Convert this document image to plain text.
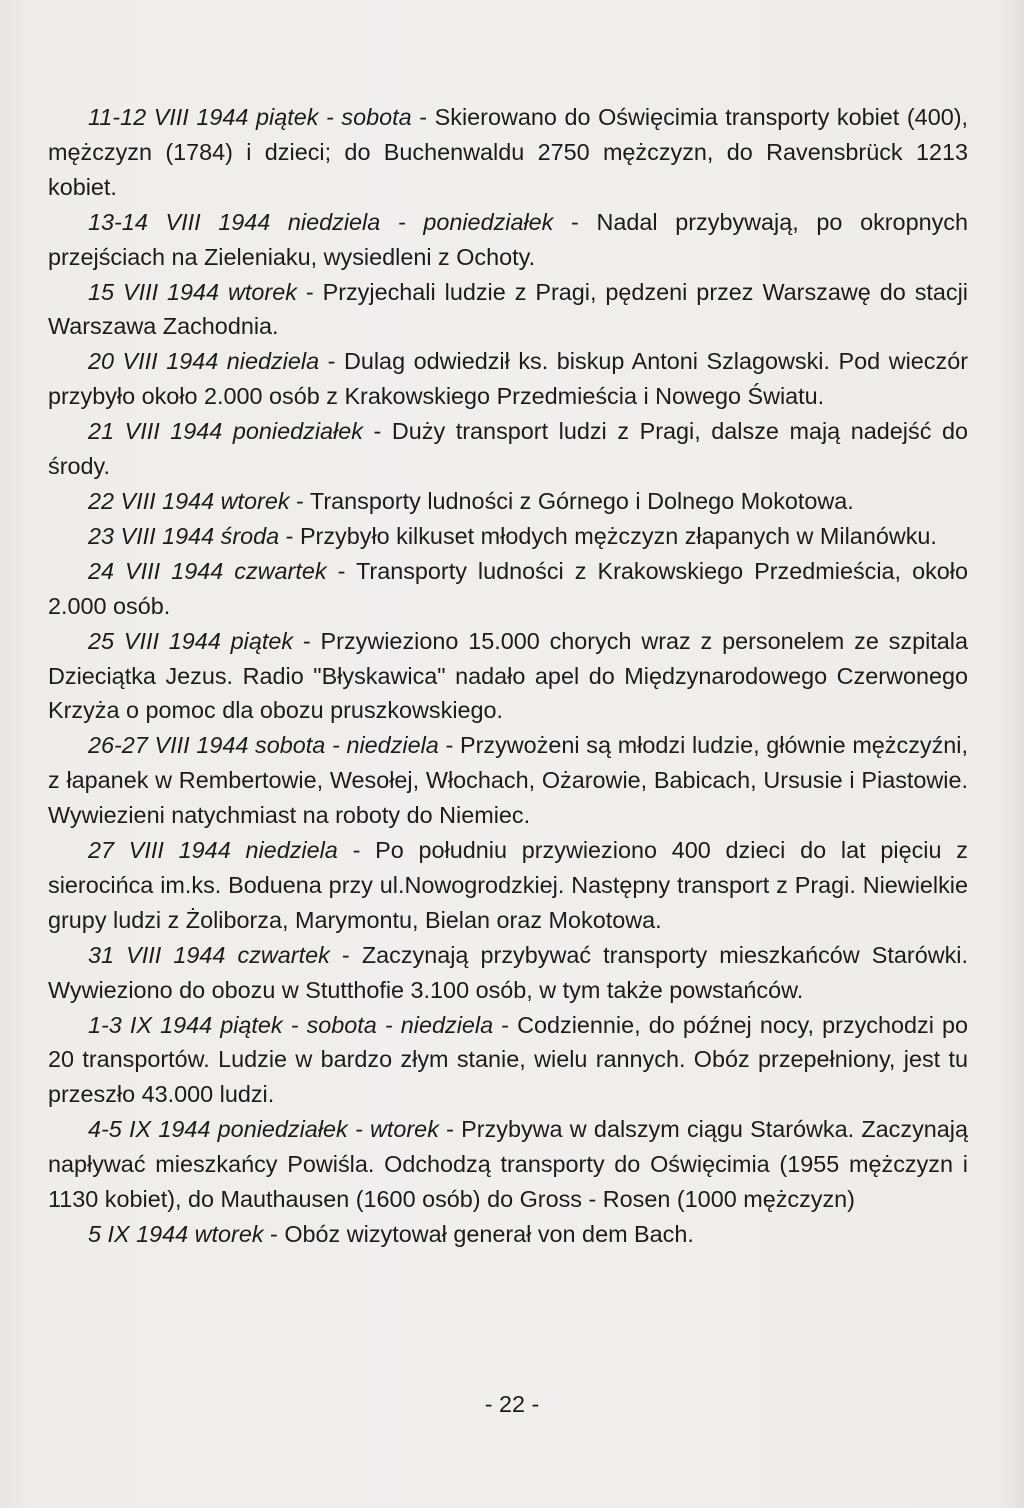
11-12 VIII 1944 piątek - sobota - Skierowano do Oświęcimia transporty kobiet (400), mężczyzn (1784) i dzieci; do Buchenwaldu 2750 mężczyzn, do Ravensbrück 1213 kobiet.

13-14 VIII 1944 niedziela - poniedziałek - Nadal przybywają, po okropnych przejściach na Zieleniaku, wysiedleni z Ochoty.

15 VIII 1944 wtorek - Przyjechali ludzie z Pragi, pędzeni przez Warszawę do stacji Warszawa Zachodnia.

20 VIII 1944 niedziela - Dulag odwiedził ks. biskup Antoni Szlagowski. Pod wieczór przybyło około 2.000 osób z Krakowskiego Przedmieścia i Nowego Światu.

21 VIII 1944 poniedziałek - Duży transport ludzi z Pragi, dalsze mają nadejść do środy.

22 VIII 1944 wtorek - Transporty ludności z Górnego i Dolnego Mokotowa.

23 VIII 1944 środa - Przybyło kilkuset młodych mężczyzn złapanych w Milanówku.

24 VIII 1944 czwartek - Transporty ludności z Krakowskiego Przedmieścia, około 2.000 osób.

25 VIII 1944 piątek - Przywieziono 15.000 chorych wraz z personelem ze szpitala Dzieciątka Jezus. Radio "Błyskawica" nadało apel do Międzynarodowego Czerwonego Krzyża o pomoc dla obozu pruszkowskiego.

26-27 VIII 1944 sobota - niedziela - Przywożeni są młodzi ludzie, głównie mężczyźni, z łapanek w Rembertowie, Wesołej, Włochach, Ożarowie, Babicach, Ursusie i Piastowie. Wywiezieni natychmiast na roboty do Niemiec.

27 VIII 1944 niedziela - Po południu przywieziono 400 dzieci do lat pięciu z sierocińca im.ks. Boduena przy ul.Nowogrodzkiej. Następny transport z Pragi. Niewielkie grupy ludzi z Żoliborza, Marymontu, Bielan oraz Mokotowa.

31 VIII 1944 czwartek - Zaczynają przybywać transporty mieszkańców Starówki. Wywieziono do obozu w Stutthofie 3.100 osób, w tym także powstańców.

1-3 IX 1944 piątek - sobota - niedziela - Codziennie, do późnej nocy, przychodzi po 20 transportów. Ludzie w bardzo złym stanie, wielu rannych. Obóz przepełniony, jest tu przeszło 43.000 ludzi.

4-5 IX 1944 poniedziałek - wtorek - Przybywa w dalszym ciągu Starówka. Zaczynają napływać mieszkańcy Powiśla. Odchodzą transporty do Oświęcimia (1955 mężczyzn i 1130 kobiet), do Mauthausen (1600 osób) do Gross - Rosen (1000 mężczyzn)

5 IX 1944 wtorek - Obóz wizytował generał von dem Bach.

- 22 -
